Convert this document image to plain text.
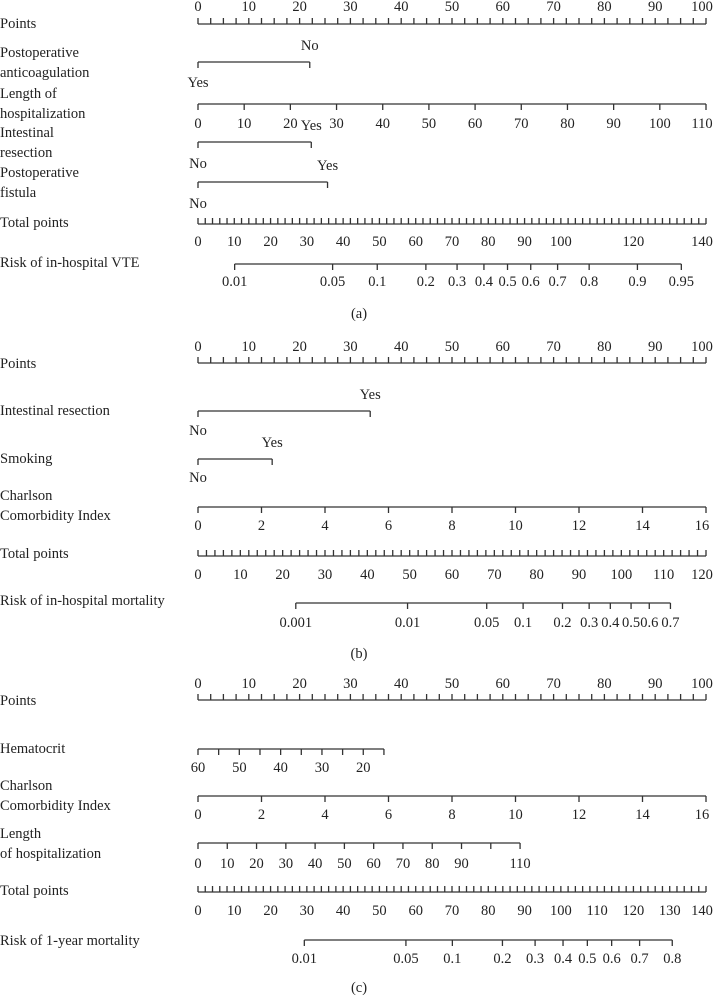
(a)
Points
0	10	20	30	40	50	60	70	80	90 100
Postoperative
anticoagulation
Yes
No
Length of
hospitalization
0 10 20 30 40 50 60 70 80 90 100 110
Intestinal
resection
No
Yes
Postoperative
fistula
No
Yes
Total points
0 10 20 30 40 50 60 70 80 90 100	120	140
Risk of in-hospital VTE
0.01	0.05 0.1 0.2 0.3 0.4 0.5 0.6 0.7 0.8 0.9 0.95
(b)
Points
0	10	20	30	40	50	60	70	80	90 100
Intestinal resection
No
Yes
Smoking
No
Yes
Charlson
Comorbidity Index
0	2	4	6	8	10	12	14	16
Total points
0 10 20 30 40 50 60 70 80 90 100 110 120
Risk of in-hospital mortality
0.001	0.01	0.05 0.1 0.2 0.3 0.4 0.5 0.6 0.7
(c)
Points
0	10	20	30	40	50	60	70	80	90 100
Hematocrit
60 50 40 30 20
Charlson
Comorbidity Index
0	2	4	6	8	10	12	14	16
Length
of hospitalization
0 10 20 30 40 50 60 70 80 90	110
Total points
0 10 20 30 40 50 60 70 80 90 100 110 120 130 140
Risk of 1-year mortality
0.01	0.05 0.1 0.2 0.3 0.4 0.5 0.6 0.7 0.8
